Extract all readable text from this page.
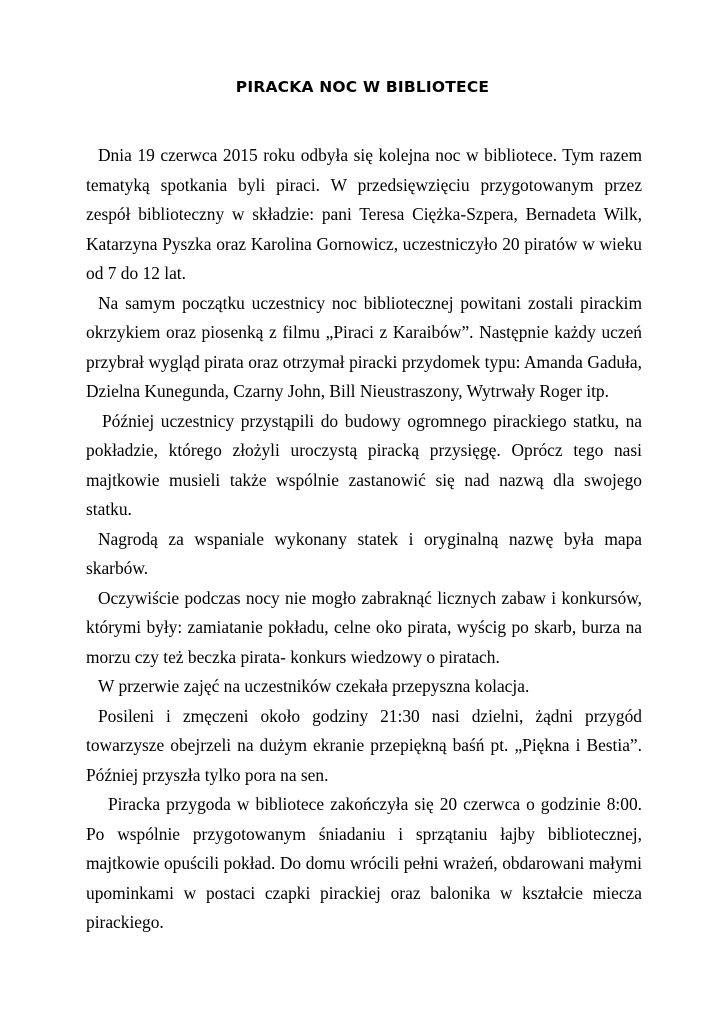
PIRACKA NOC W BIBLIOTECE

Dnia 19 czerwca 2015 roku odbyła się kolejna noc w bibliotece. Tym razem tematyką spotkania byli piraci. W przedsięwzięciu przygotowanym przez zespół biblioteczny w składzie: pani Teresa Ciężka-Szpera, Bernadeta Wilk, Katarzyna Pyszka oraz Karolina Gornowicz, uczestniczyło 20 piratów w wieku od 7 do 12 lat.

Na samym początku uczestnicy noc bibliotecznej powitani zostali pirackim okrzykiem oraz piosenką z filmu „Piraci z Karaibów”. Następnie każdy uczeń przybrał wygląd pirata oraz otrzymał piracki przydomek typu: Amanda Gaduła, Dzielna Kunegunda, Czarny John, Bill Nieustraszony, Wytrwały Roger itp.

Później uczestnicy przystąpili do budowy ogromnego pirackiego statku, na pokładzie, którego złożyli uroczystą piracką przysięgę. Oprócz tego nasi majtkowie musieli także wspólnie zastanowić się nad nazwą dla swojego statku.

Nagrodą za wspaniale wykonany statek i oryginalną nazwę była mapa skarbów.

Oczywiście podczas nocy nie mogło zabraknąć licznych zabaw i konkursów, którymi były: zamiatanie pokładu, celne oko pirata, wyścig po skarb, burza na morzu czy też beczka pirata- konkurs wiedzowy o piratach.

W przerwie zajęć na uczestników czekała przepyszna kolacja.

Posileni i zmęczeni około godziny 21:30 nasi dzielni, żądni przygód towarzysze obejrzeli na dużym ekranie przepiękną baśń pt. „Piękna i Bestia”. Później przyszła tylko pora na sen.

Piracka przygoda w bibliotece zakończyła się 20 czerwca o godzinie 8:00. Po wspólnie przygotowanym śniadaniu i sprzątaniu łajby bibliotecznej, majtkowie opuścili pokład. Do domu wrócili pełni wrażeń, obdarowani małymi upominkami w postaci czapki pirackiej oraz balonika w kształcie miecza pirackiego.
